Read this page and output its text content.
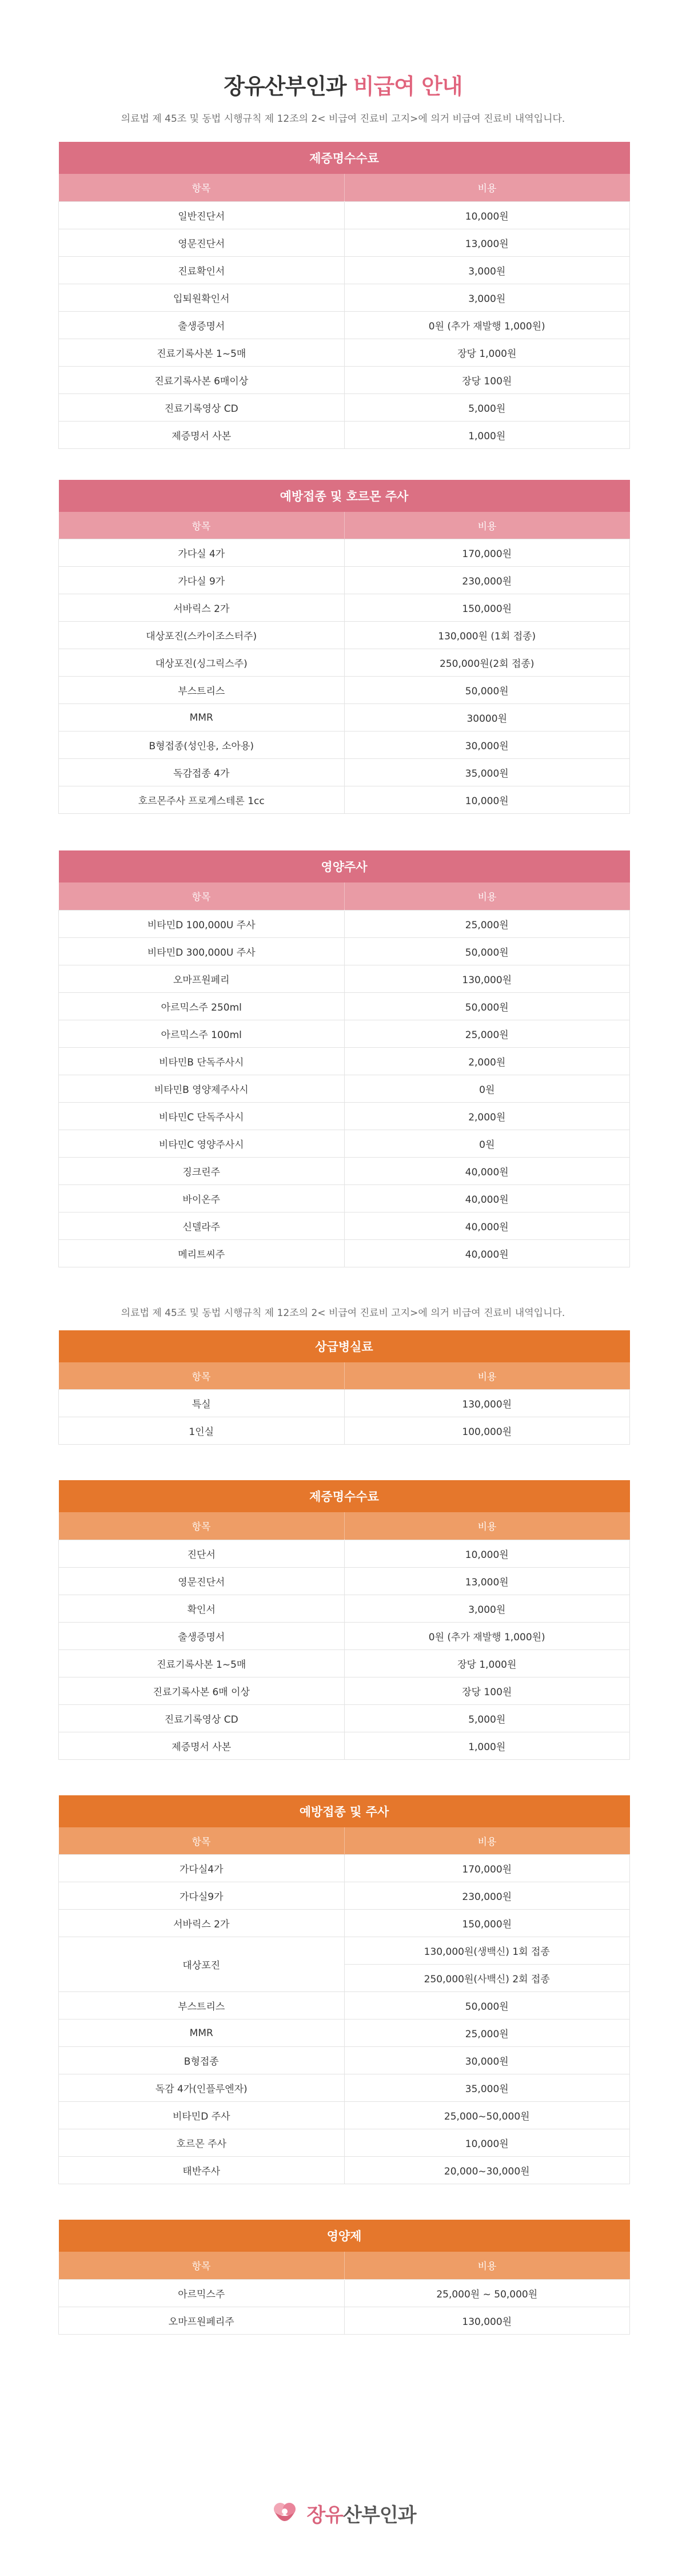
장유산부인과 비급여 안내

의료법 제 45조 및 동법 시행규칙 제 12조의 2< 비급여 진료비 고지>에 의거 비급여 진료비 내역입니다.

제증명수수료	
항목	비용
일반진단서	10,000원
영문진단서	13,000원
진료확인서	3,000원
입퇴원확인서	3,000원
출생증명서	0원 (추가 재발행 1,000원)
진료기록사본 1~5매	장당 1,000원
진료기록사본 6매이상	장당 100원
진료기록영상 CD	5,000원
제증명서 사본	1,000원
예방접종 및 호르몬 주사	
항목	비용
가다실 4가	170,000원
가다실 9가	230,000원
서바릭스 2가	150,000원
대상포진(스카이조스터주)	130,000원 (1회 접종)
대상포진(싱그릭스주)	250,000원(2회 접종)
부스트리스	50,000원
MMR	30000원
B형접종(성인용, 소아용)	30,000원
독감접종 4가	35,000원
호르몬주사 프로게스테론 1cc	10,000원
영양주사	
항목	비용
비타민D 100,000U 주사	25,000원
비타민D 300,000U 주사	50,000원
오마프원페리	130,000원
아르믹스주 250ml	50,000원
아르믹스주 100ml	25,000원
비타민B 단독주사시	2,000원
비타민B 영양제주사시	0원
비타민C 단독주사시	2,000원
비타민C 영양주사시	0원
징크린주	40,000원
바이온주	40,000원
신델라주	40,000원
메리트씨주	40,000원

의료법 제 45조 및 동법 시행규칙 제 12조의 2< 비급여 진료비 고지>에 의거 비급여 진료비 내역입니다.

상급병실료	
항목	비용
특실	130,000원
1인실	100,000원
제증명수수료	
항목	비용
진단서	10,000원
영문진단서	13,000원
확인서	3,000원
출생증명서	0원 (추가 재발행 1,000원)
진료기록사본 1~5매	장당 1,000원
진료기록사본 6매 이상	장당 100원
진료기록영상 CD	5,000원
제증명서 사본	1,000원
예방접종 및 주사	
항목	비용
가다실4가	170,000원
가다실9가	230,000원
서바릭스 2가	150,000원
대상포진	130,000원(생백신) 1회 접종
	250,000원(사백신) 2회 접종
부스트리스	50,000원
MMR	25,000원
B형접종	30,000원
독감 4가(인플루엔자)	35,000원
비타민D 주사	25,000~50,000원
호르몬 주사	10,000원
태반주사	20,000~30,000원
영양제	
항목	비용
아르믹스주	25,000원 ~ 50,000원
오마프원페리주	130,000원
장유산부인과
